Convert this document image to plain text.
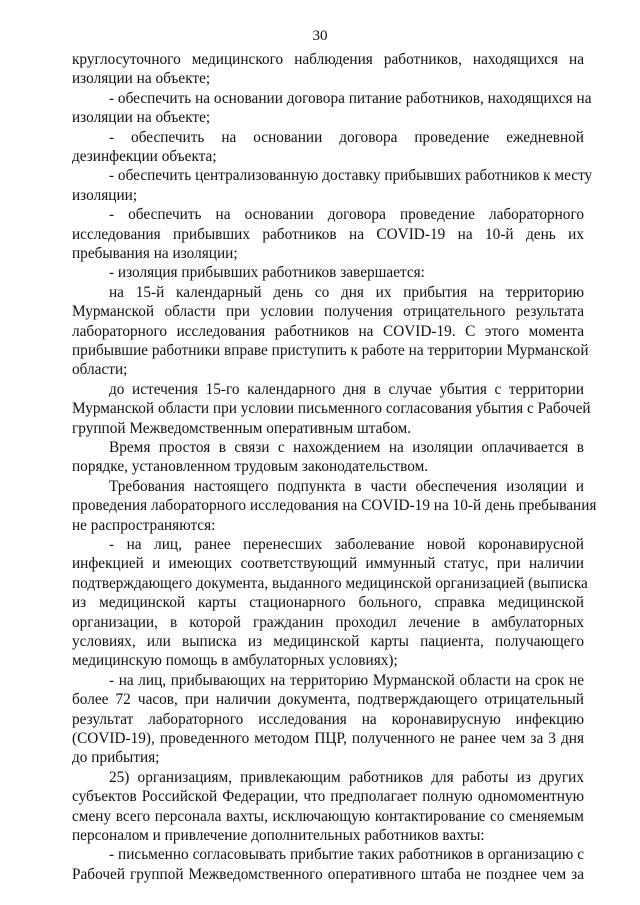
30
круглосуточного медицинского наблюдения работников, находящихся на
изоляции на объекте;
- обеспечить на основании договора питание работников, находящихся на
изоляции на объекте;
- обеспечить на основании договора проведение ежедневной
дезинфекции объекта;
- обеспечить централизованную доставку прибывших работников к месту
изоляции;
- обеспечить на основании договора проведение лабораторного
исследования прибывших работников на COVID-19 на 10-й день их
пребывания на изоляции;
- изоляция прибывших работников завершается:
на 15-й календарный день со дня их прибытия на территорию
Мурманской области при условии получения отрицательного результата
лабораторного исследования работников на COVID-19. С этого момента
прибывшие работники вправе приступить к работе на территории Мурманской
области;
до истечения 15-го календарного дня в случае убытия с территории
Мурманской области при условии письменного согласования убытия с Рабочей
группой Межведомственным оперативным штабом.
Время простоя в связи с нахождением на изоляции оплачивается в
порядке, установленном трудовым законодательством.
Требования настоящего подпункта в части обеспечения изоляции и
проведения лабораторного исследования на COVID-19 на 10-й день пребывания
не распространяются:
- на лиц, ранее перенесших заболевание новой коронавирусной
инфекцией и имеющих соответствующий иммунный статус, при наличии
подтверждающего документа, выданного медицинской организацией (выписка
из медицинской карты стационарного больного, справка медицинской
организации, в которой гражданин проходил лечение в амбулаторных
условиях, или выписка из медицинской карты пациента, получающего
медицинскую помощь в амбулаторных условиях);
- на лиц, прибывающих на территорию Мурманской области на срок не
более 72 часов, при наличии документа, подтверждающего отрицательный
результат лабораторного исследования на коронавирусную инфекцию
(COVID-19), проведенного методом ПЦР, полученного не ранее чем за 3 дня
до прибытия;
25) организациям, привлекающим работников для работы из других
субъектов Российской Федерации, что предполагает полную одномоментную
смену всего персонала вахты, исключающую контактирование со сменяемым
персоналом и привлечение дополнительных работников вахты:
- письменно согласовывать прибытие таких работников в организацию с
Рабочей группой Межведомственного оперативного штаба не позднее чем за
